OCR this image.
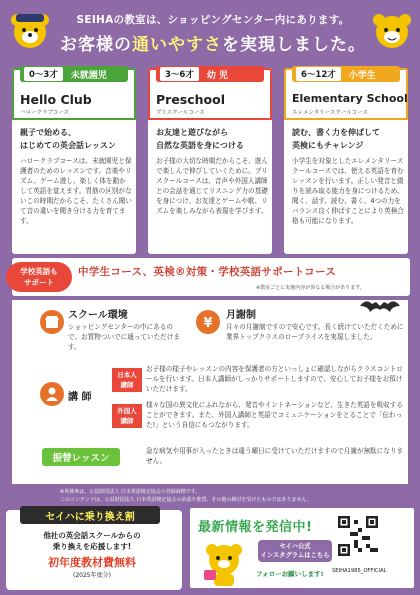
SEIHAの教室は、ショッピングセンター内にあります。
お客様の通いやすさを実現しました。
0〜3才	未就園児
Hello Club
ハロークラブコース
親子で始める、
はじめての英会話レッスン
ハロークラブコースは、未就園児と保護者のためのレッスンです。音楽やリズム、ゲーム遊し、楽しく体を動かして英語を覚えます。胃筋の区別がないこの時期だからこそ、たくさん聞いて音の違いを聞き分ける力を育てます。
3〜6才	幼 児
Preschool
プリスクールコース
お友達と遊びながら
自然な英語を身につける
お子様の大切な時期だからこそ、遊んで楽しんで伸びしていくために。プリスクールコースは、音声や外国人講師との会話を通じてリスニング力の基礎を身につけ、お友達とゲームや歌、リズムを楽しみながら表現を学びます。
6〜12才	小学生
Elementary School
エレメンタリースクールコース
読む、書く力を伸ばして
英検にもチャレンジ
小学生を対象としたエレメンタリースクールコースでは、使える英語を育むレッスンを行います。正しい発音と綴りを読み取る能力を身につけるため、聞く、話す、読む、書く、4つの力をバランス良く伸ばすことにより英検合格も可能になります。
学校英語も
サポート
中学生コース、英検®対策・学校英語サポートコース
※教室ごとに実施内容が異なる場合があります。
スクール環境
ショッピングセンターの中にあるので、お買物ついでに通っていただけます。
¥
月謝制
月々の月謝制ですので安心です。長く続けていただくために業界トップクラスのロープライスを実現しました。
講 師
日本人
講師
お子様の様子やレッスンの内容を保護者の方といっしょに確認しながらクラスコントロールを行います。日本人講師がしっかりサポートしますので、安心してお子様をお預けいただけます。
外国人
講師
様々な国の異文化にふれながら、発音やイントネーションなど、生きた英語を吸収することができます。また、外国人講師と英語でコミュニケーションをとることで「伝わった!」という自信にもつながります。
振替レッスン
急な病気や用事が入ったときは違う曜日に受けていただけますので月謝が無駄になりません。
※英検®は、公益財団法人 日本英語検定協会の登録商標です。
このコンテンツは、公益財団法人 日本英語検定協会の承認や推奨、その他の検討を受けたものではありません。
セイハに乗り換え割
他社の英会話スクールからの
乗り換えを応援します!
初年度教材費無料
(2025年度分)
最新情報を発信中!
セイハ公式
インスタグラムはこちら
フォローお願いします! SEIHA1985_OFFICIAL
